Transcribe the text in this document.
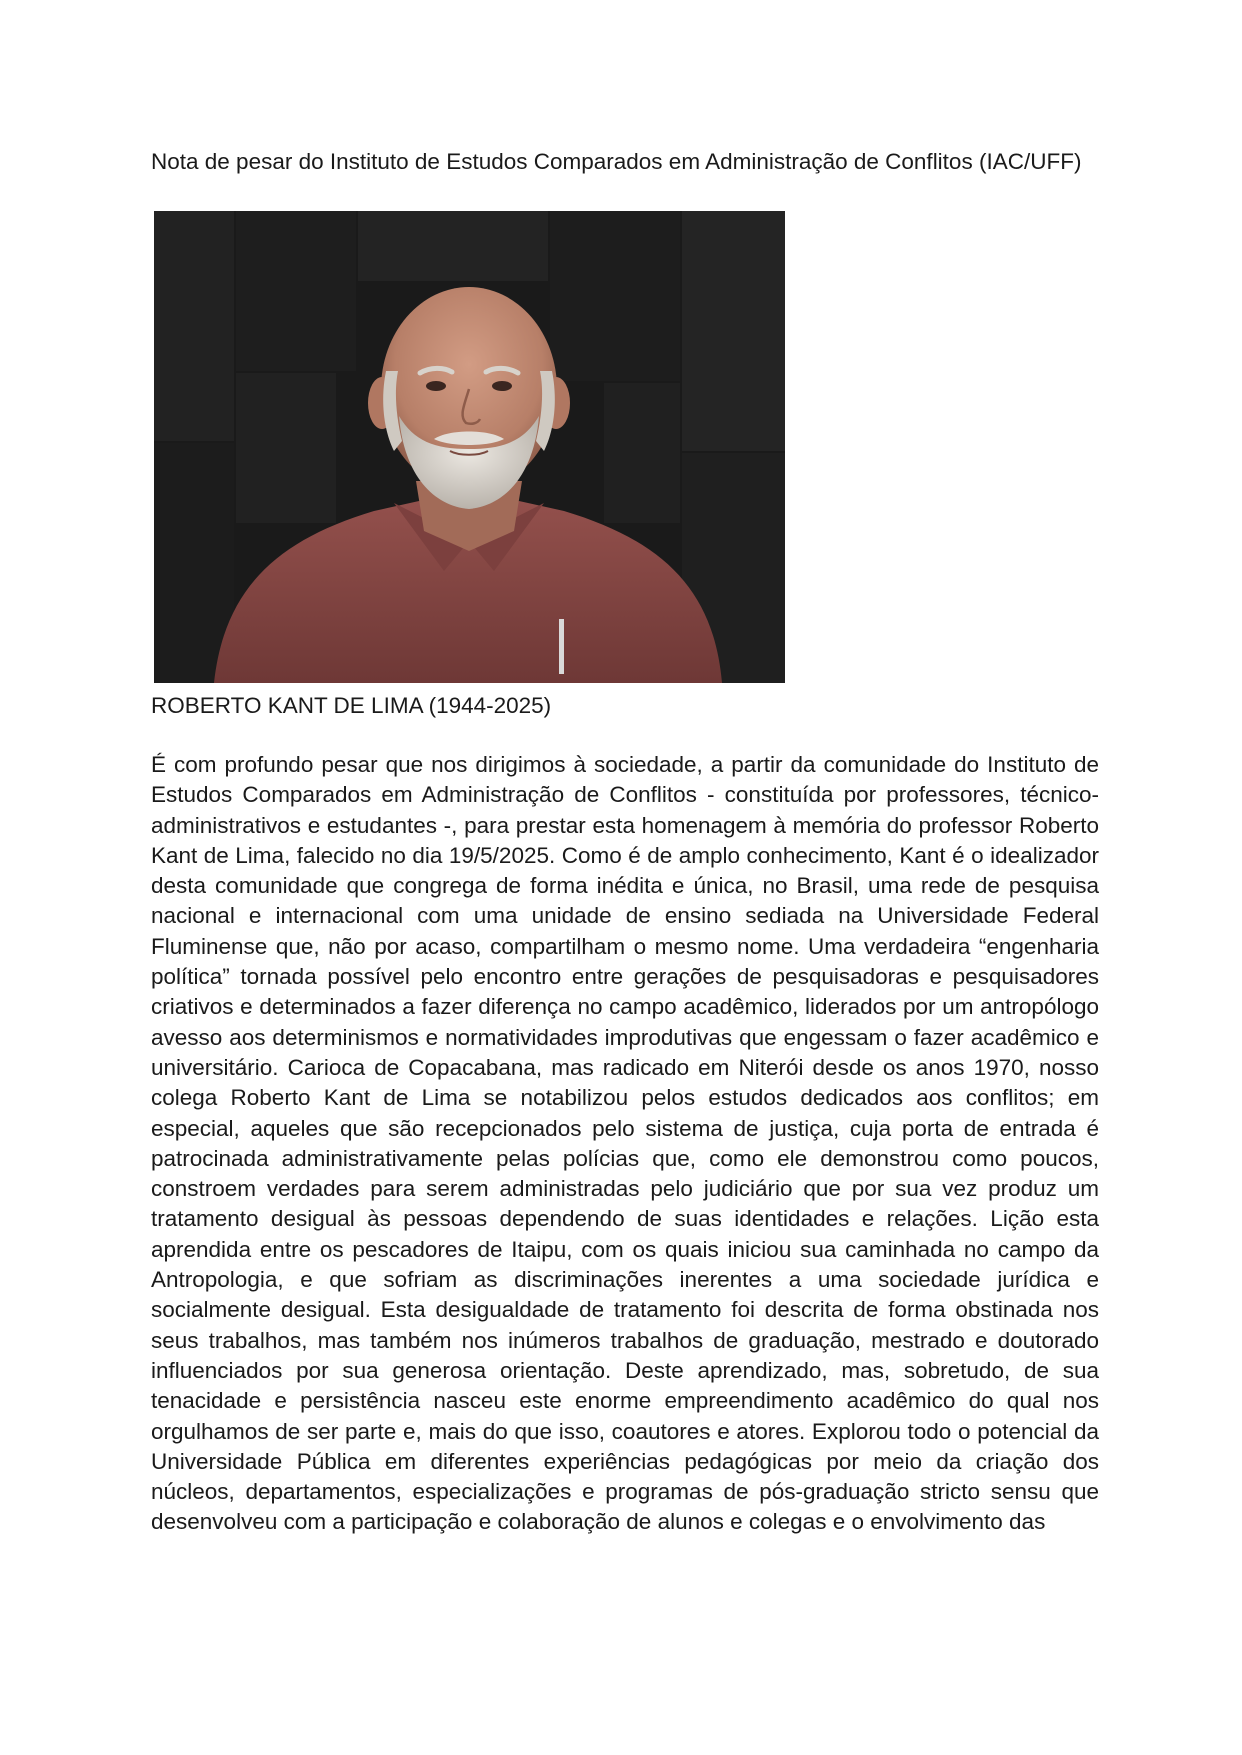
Nota de pesar do Instituto de Estudos Comparados em Administração de Conflitos (IAC/UFF)

ROBERTO KANT DE LIMA (1944-2025)

É com profundo pesar que nos dirigimos à sociedade, a partir da comunidade do Instituto de Estudos Comparados em Administração de Conflitos - constituída por professores, técnico-administrativos e estudantes -, para prestar esta homenagem à memória do professor Roberto Kant de Lima, falecido no dia 19/5/2025. Como é de amplo conhecimento, Kant é o idealizador desta comunidade que congrega de forma inédita e única, no Brasil, uma rede de pesquisa nacional e internacional com uma unidade de ensino sediada na Universidade Federal Fluminense que, não por acaso, compartilham o mesmo nome. Uma verdadeira “engenharia política” tornada possível pelo encontro entre gerações de pesquisadoras e pesquisadores criativos e determinados a fazer diferença no campo acadêmico, liderados por um antropólogo avesso aos determinismos e normatividades improdutivas que engessam o fazer acadêmico e universitário. Carioca de Copacabana, mas radicado em Niterói desde os anos 1970, nosso colega Roberto Kant de Lima se notabilizou pelos estudos dedicados aos conflitos; em especial, aqueles que são recepcionados pelo sistema de justiça, cuja porta de entrada é patrocinada administrativamente pelas polícias que, como ele demonstrou como poucos, constroem verdades para serem administradas pelo judiciário que por sua vez produz um tratamento desigual às pessoas dependendo de suas identidades e relações. Lição esta aprendida entre os pescadores de Itaipu, com os quais iniciou sua caminhada no campo da Antropologia, e que sofriam as discriminações inerentes a uma sociedade jurídica e socialmente desigual. Esta desigualdade de tratamento foi descrita de forma obstinada nos seus trabalhos, mas também nos inúmeros trabalhos de graduação, mestrado e doutorado influenciados por sua generosa orientação. Deste aprendizado, mas, sobretudo, de sua tenacidade e persistência nasceu este enorme empreendimento acadêmico do qual nos orgulhamos de ser parte e, mais do que isso, coautores e atores. Explorou todo o potencial da Universidade Pública em diferentes experiências pedagógicas por meio da criação dos núcleos, departamentos, especializações e programas de pós-graduação stricto sensu que desenvolveu com a participação e colaboração de alunos e colegas e o envolvimento das
